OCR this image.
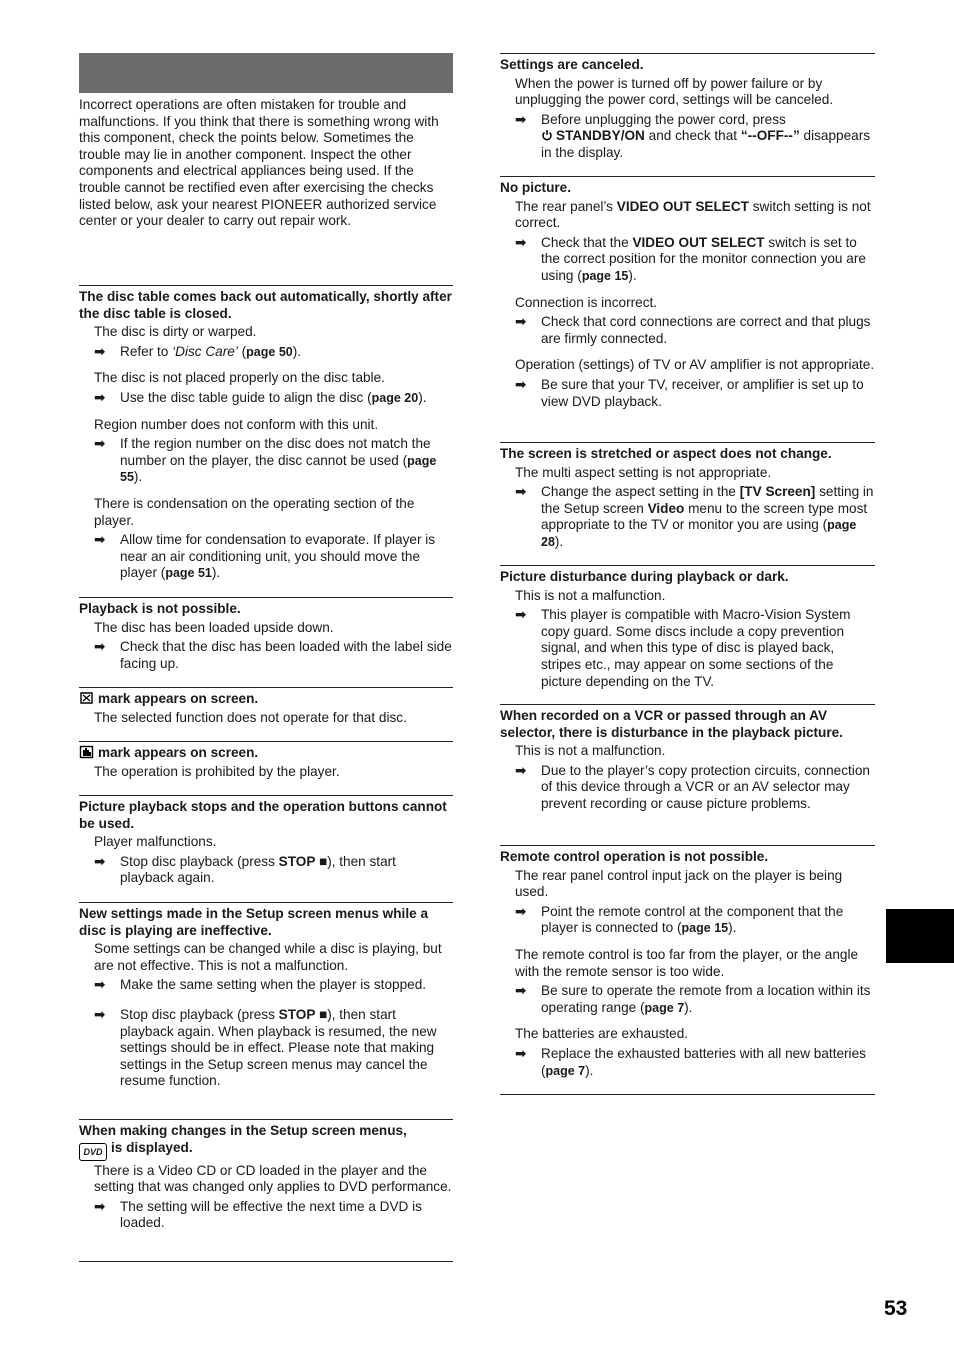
Incorrect operations are often mistaken for trouble and malfunctions. If you think that there is something wrong with this component, check the points below. Sometimes the trouble may lie in another component. Inspect the other components and electrical appliances being used. If the trouble cannot be rectified even after exercising the checks listed below, ask your nearest PIONEER authorized service center or your dealer to carry out repair work.

The disc table comes back out automatically, shortly after the disc table is closed.

The disc is dirty or warped.

➡ Refer to ‘Disc Care’ (page 50).

The disc is not placed properly on the disc table.

➡ Use the disc table guide to align the disc (page 20).

Region number does not conform with this unit.

➡ If the region number on the disc does not match the number on the player, the disc cannot be used (page 55).

There is condensation on the operating section of the player.

➡ Allow time for condensation to evaporate. If player is near an air conditioning unit, you should move the player (page 51).

Playback is not possible.

The disc has been loaded upside down.

➡ Check that the disc has been loaded with the label side facing up.

mark appears on screen.

The selected function does not operate for that disc.

mark appears on screen.

The operation is prohibited by the player.

Picture playback stops and the operation buttons cannot be used.

Player malfunctions.

➡ Stop disc playback (press STOP ■), then start playback again.

New settings made in the Setup screen menus while a disc is playing are ineffective.

Some settings can be changed while a disc is playing, but are not effective. This is not a malfunction.

➡ Make the same setting when the player is stopped.

➡ Stop disc playback (press STOP ■), then start playback again. When playback is resumed, the new settings should be in effect. Please note that making settings in the Setup screen menus may cancel the resume function.

When making changes in the Setup screen menus,
DVD is displayed.

There is a Video CD or CD loaded in the player and the setting that was changed only applies to DVD performance.

➡ The setting will be effective the next time a DVD is loaded.

Settings are canceled.

When the power is turned off by power failure or by unplugging the power cord, settings will be canceled.

➡ Before unplugging the power cord, press
STANDBY/ON and check that “--OFF--” disappears in the display.

No picture.

The rear panel’s VIDEO OUT SELECT switch setting is not correct.

➡ Check that the VIDEO OUT SELECT switch is set to the correct position for the monitor connection you are using (page 15).

Connection is incorrect.

➡ Check that cord connections are correct and that plugs are firmly connected.

Operation (settings) of TV or AV amplifier is not appropriate.

➡ Be sure that your TV, receiver, or amplifier is set up to view DVD playback.

The screen is stretched or aspect does not change.

The multi aspect setting is not appropriate.

➡ Change the aspect setting in the [TV Screen] setting in the Setup screen Video menu to the screen type most appropriate to the TV or monitor you are using (page 28).

Picture disturbance during playback or dark.

This is not a malfunction.

➡ This player is compatible with Macro-Vision System copy guard. Some discs include a copy prevention signal, and when this type of disc is played back, stripes etc., may appear on some sections of the picture depending on the TV.

When recorded on a VCR or passed through an AV selector, there is disturbance in the playback picture.

This is not a malfunction.

➡ Due to the player’s copy protection circuits, connection of this device through a VCR or an AV selector may prevent recording or cause picture problems.

Remote control operation is not possible.

The rear panel control input jack on the player is being used.

➡ Point the remote control at the component that the player is connected to (page 15).

The remote control is too far from the player, or the angle with the remote sensor is too wide.

➡ Be sure to operate the remote from a location within its operating range (page 7).

The batteries are exhausted.

➡ Replace the exhausted batteries with all new batteries (page 7).

53
